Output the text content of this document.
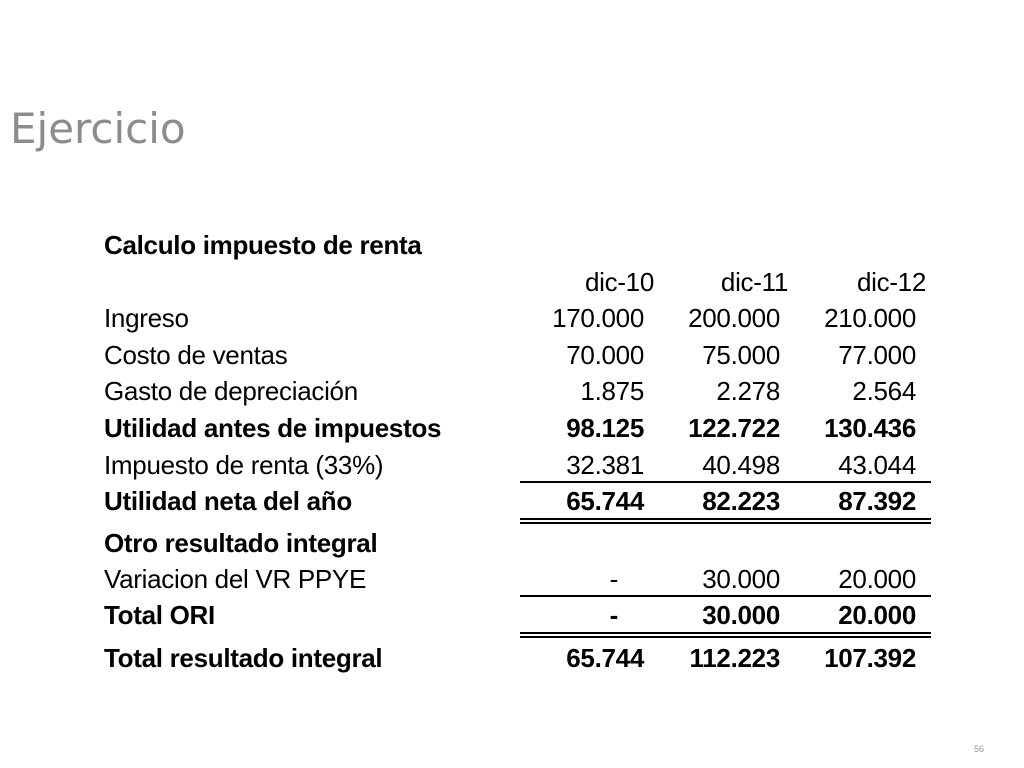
Ejercicio
Calculo impuesto de renta
dic-10	dic-11	dic-12
Ingreso	170.000 200.000 210.000
Costo de ventas	70.000 75.000 77.000
Gasto de depreciación	1.875	2.278	2.564
Utilidad antes de impuestos	98.125 122.722 130.436
Impuesto de renta (33%)	32.381 40.498 43.044
Utilidad neta del año	65.744 82.223 87.392
Otro resultado integral
Variacion del VR PPYE	-	30.000 20.000
Total ORI	-	30.000 20.000
Total resultado integral	65.744 112.223 107.392
56
